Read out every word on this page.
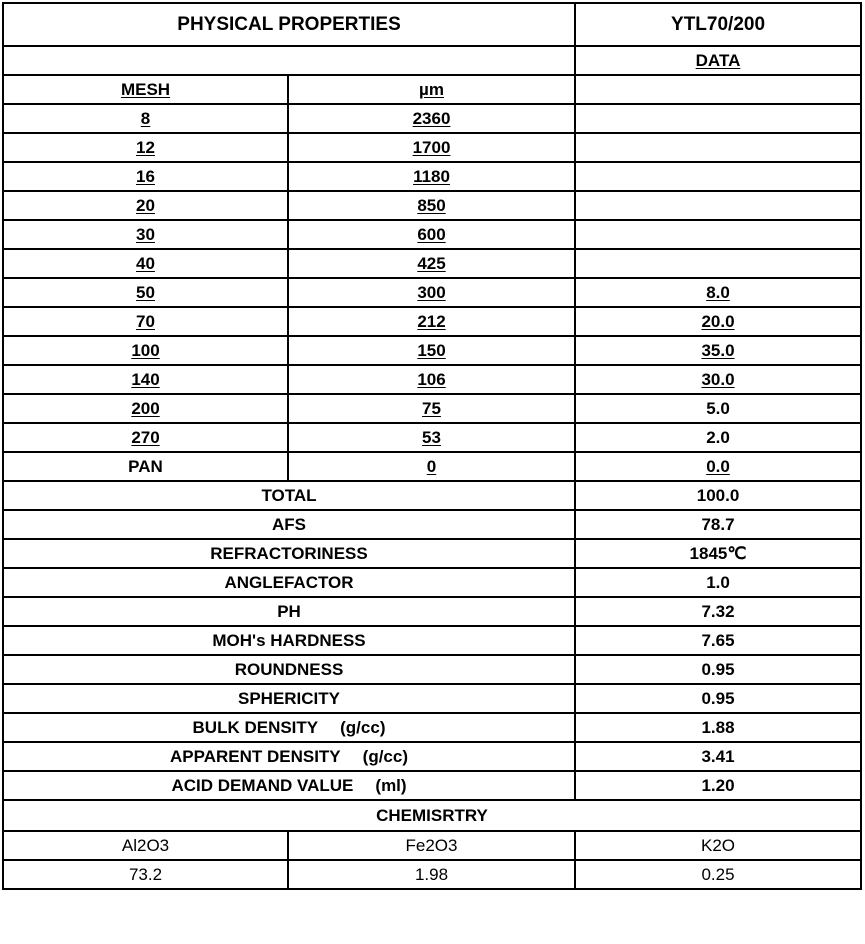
PHYSICAL PROPERTIES		YTL70/200
		DATA
MESH	µm	
8	2360	
12	1700	
16	1180	
20	850	
30	600	
40	425	
50	300	8.0
70	212	20.0
100	150	35.0
140	106	30.0
200	75	5.0
270	53	2.0
PAN	0	0.0
TOTAL		100.0
AFS		78.7
REFRACTORINESS		1845℃
ANGLEFACTOR		1.0
PH		7.32
MOH's HARDNESS		7.65
ROUNDNESS		0.95
SPHERICITY		0.95
BULK DENSITY (g/cc)		1.88
APPARENT DENSITY (g/cc)		3.41
ACID DEMAND VALUE (ml)		1.20
CHEMISRTRY		
Al2O3	Fe2O3	K2O
73.2	1.98	0.25
